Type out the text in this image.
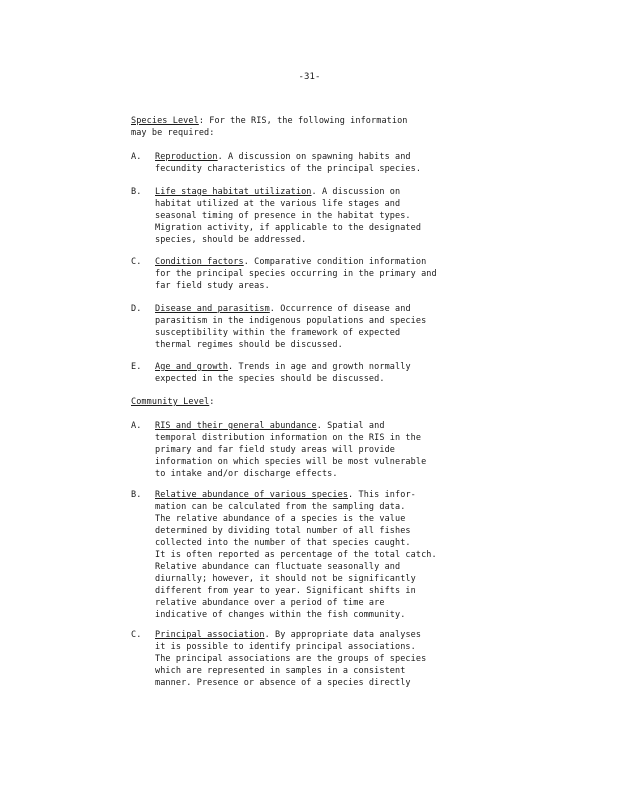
-31-
Species Level: For the RIS, the following information
may be required:
A.	Reproduction. A discussion on spawning habits and
fecundity characteristics of the principal species.
B.	Life stage habitat utilization. A discussion on
habitat utilized at the various life stages and
seasonal timing of presence in the habitat types.
Migration activity, if applicable to the designated
species, should be addressed.
C.	Condition factors. Comparative condition information
for the principal species occurring in the primary and
far field study areas.
D.	Disease and parasitism. Occurrence of disease and
parasitism in the indigenous populations and species
susceptibility within the framework of expected
thermal regimes should be discussed.
E.	Age and growth. Trends in age and growth normally
expected in the species should be discussed.
Community Level:
A.	RIS and their general abundance. Spatial and
temporal distribution information on the RIS in the
primary and far field study areas will provide
information on which species will be most vulnerable
to intake and/or discharge effects.
B.	Relative abundance of various species. This infor-
mation can be calculated from the sampling data.
The relative abundance of a species is the value
determined by dividing total number of all fishes
collected into the number of that species caught.
It is often reported as percentage of the total catch.
Relative abundance can fluctuate seasonally and
diurnally; however, it should not be significantly
different from year to year. Significant shifts in
relative abundance over a period of time are
indicative of changes within the fish community.
C.	Principal association. By appropriate data analyses
it is possible to identify principal associations.
The principal associations are the groups of species
which are represented in samples in a consistent
manner. Presence or absence of a species directly
